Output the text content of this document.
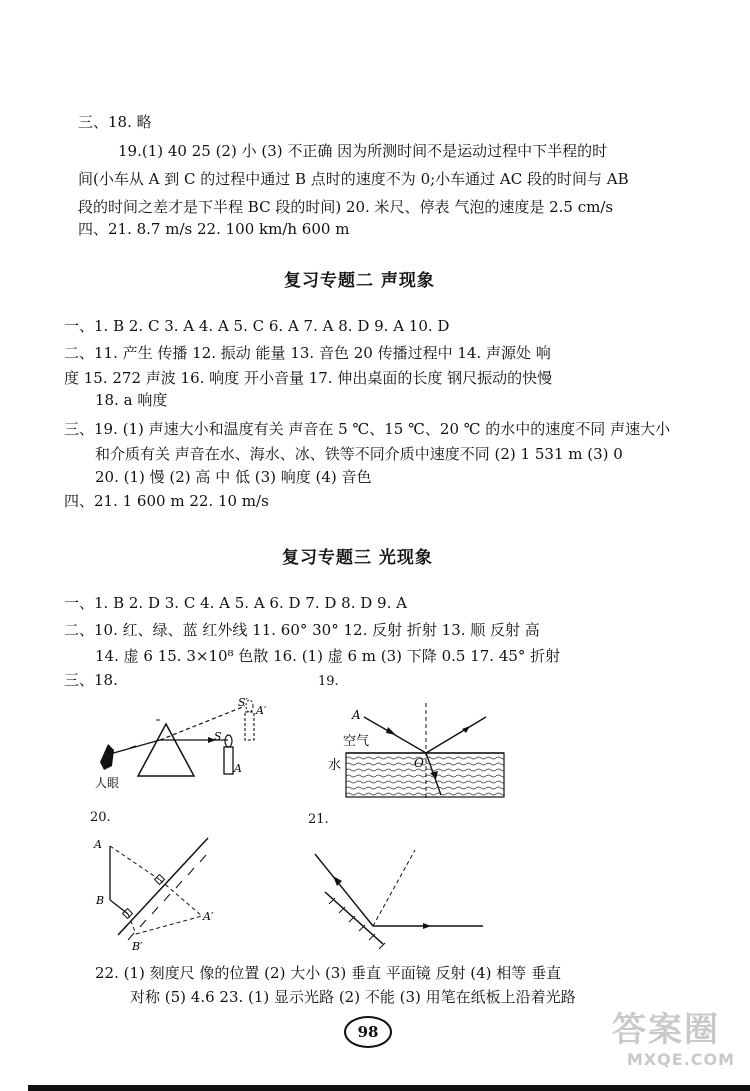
三、18. 略
19.(1) 40 25 (2) 小 (3) 不正确 因为所测时间不是运动过程中下半程的时
间(小车从 A 到 C 的过程中通过 B 点时的速度不为 0;小车通过 AC 段的时间与 AB
段的时间之差才是下半程 BC 段的时间) 20. 米尺、停表 气泡的速度是 2.5 cm/s
四、21. 8.7 m/s 22. 100 km/h 600 m
复习专题二 声现象
一、1. B 2. C 3. A 4. A 5. C 6. A 7. A 8. D 9. A 10. D
二、11. 产生 传播 12. 振动 能量 13. 音色 20 传播过程中 14. 声源处 响
度 15. 272 声波 16. 响度 开小音量 17. 伸出桌面的长度 钢尺振动的快慢
18. a 响度
三、19. (1) 声速大小和温度有关 声音在 5 ℃、15 ℃、20 ℃ 的水中的速度不同 声速大小
和介质有关 声音在水、海水、冰、铁等不同介质中速度不同 (2) 1 531 m (3) 0
20. (1) 慢 (2) 高 中 低 (3) 响度 (4) 音色
四、21. 1 600 m 22. 10 m/s
复习专题三 光现象
一、1. B 2. D 3. C 4. A 5. A 6. D 7. D 8. D 9. A
二、10. 红、绿、蓝 红外线 11. 60° 30° 12. 反射 折射 13. 顺 反射 高
14. 虚 6 15. 3×10⁸ 色散 16. (1) 虚 6 m (3) 下降 0.5 17. 45° 折射
三、18.
人眼
S
A
S′
A′
19.
A
空气
水	O
20.
A
B
A′
B′
21.
22. (1) 刻度尺 像的位置 (2) 大小 (3) 垂直 平面镜 反射 (4) 相等 垂直
对称 (5) 4.6 23. (1) 显示光路 (2) 不能 (3) 用笔在纸板上沿着光路
98	答案圈
MXQE.COM
